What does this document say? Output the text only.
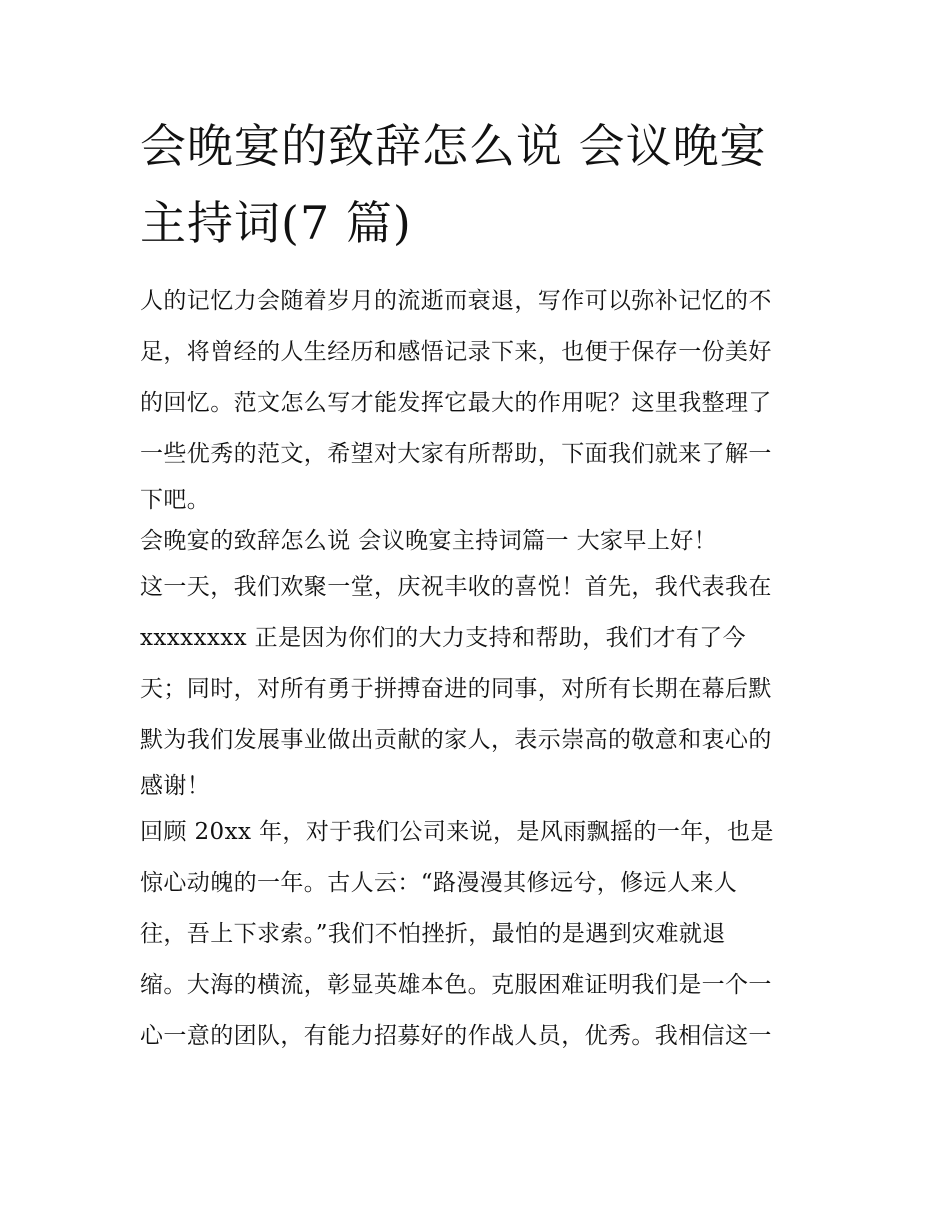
会晚宴的致辞怎么说 会议晚宴
主持词(7 篇)
人的记忆力会随着岁月的流逝而衰退，写作可以弥补记忆的不
足，将曾经的人生经历和感悟记录下来，也便于保存一份美好
的回忆。范文怎么写才能发挥它最大的作用呢？这里我整理了
一些优秀的范文，希望对大家有所帮助，下面我们就来了解一
下吧。
会晚宴的致辞怎么说 会议晚宴主持词篇一 大家早上好！
这一天，我们欢聚一堂，庆祝丰收的喜悦！首先，我代表我在
xxxxxxxx 正是因为你们的大力支持和帮助，我们才有了今
天；同时，对所有勇于拼搏奋进的同事，对所有长期在幕后默
默为我们发展事业做出贡献的家人，表示崇高的敬意和衷心的
感谢！
回顾 20xx 年，对于我们公司来说，是风雨飘摇的一年，也是
惊心动魄的一年。古人云：“路漫漫其修远兮，修远人来人
往，吾上下求索。”我们不怕挫折，最怕的是遇到灾难就退
缩。大海的横流，彰显英雄本色。克服困难证明我们是一个一
心一意的团队，有能力招募好的作战人员，优秀。我相信这一
